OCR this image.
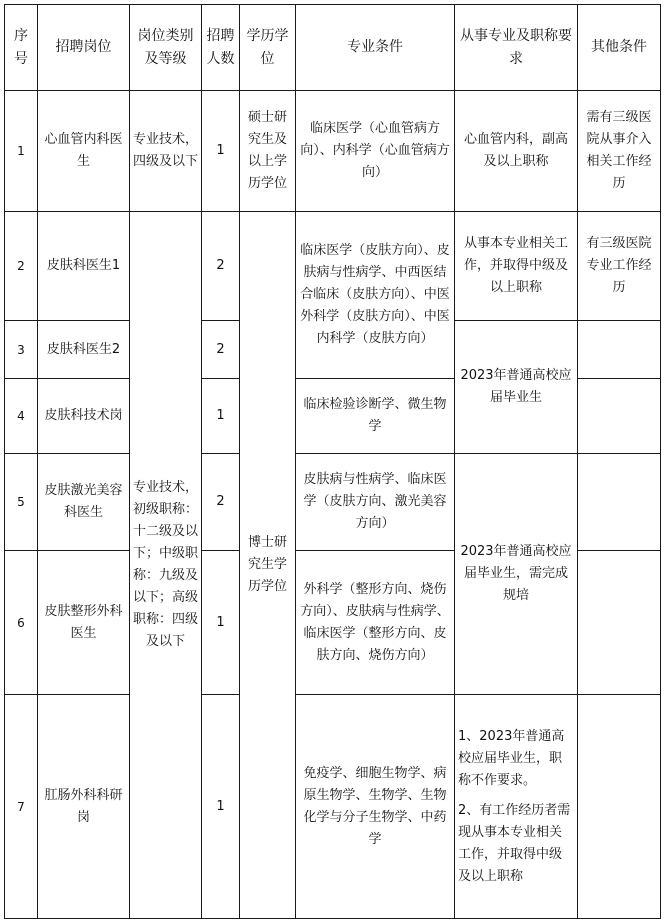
序号	招聘岗位	岗位类别及等级	招聘人数	学历学位	专业条件	从事专业及职称要求	其他条件
1	心血管内科医生	专业技术，四级及以下	1	硕士研究生及以上学历学位	临床医学（心血管病方向）、内科学（心血管病方向）	心血管内科，副高及以上职称	需有三级医院从事介入相关工作经历
2	皮肤科医生1	专业技术，初级职称：十二级及以下；中级职称：九级及以下；高级职称：四级及以下	2	博士研究生学历学位	临床医学（皮肤方向）、皮肤病与性病学、中西医结合临床（皮肤方向）、中医外科学（皮肤方向）、中医内科学（皮肤方向）	从事本专业相关工作，并取得中级及以上职称	有三级医院专业工作经历
3	皮肤科医生2		2			2023年普通高校应届毕业生	
4	皮肤科技术岗		1		临床检验诊断学、微生物学		
5	皮肤激光美容科医生		2		皮肤病与性病学、临床医学（皮肤方向、激光美容方向）	2023年普通高校应届毕业生，需完成规培	
6	皮肤整形外科医生		1		外科学（整形方向、烧伤方向）、皮肤病与性病学、临床医学（整形方向、皮肤方向、烧伤方向）		
7	肛肠外科科研岗		1		免疫学、细胞生物学、病原生物学、生物学、生物化学与分子生物学、中药学	1、2023年普通高校应届毕业生，职称不作要求。
2、有工作经历者需现从事本专业相关工作，并取得中级及以上职称	
